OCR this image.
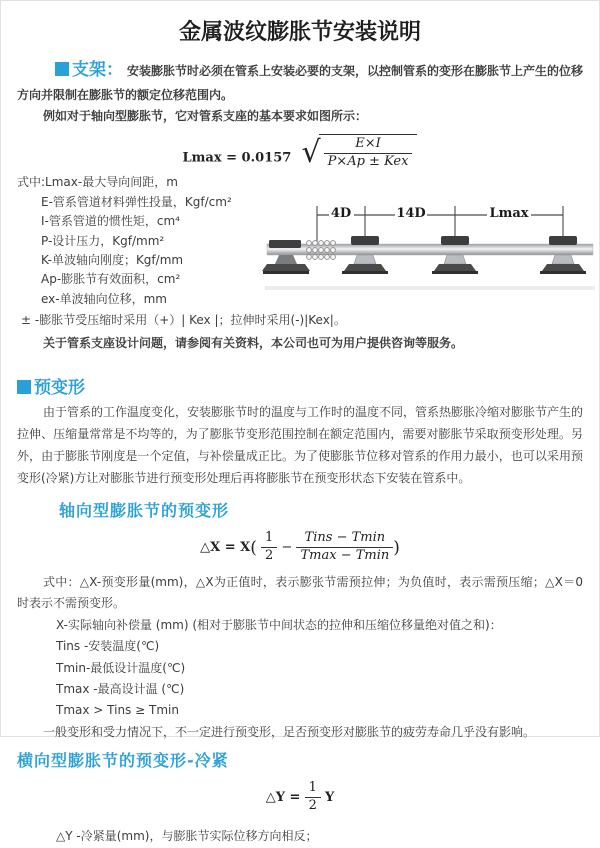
金属波纹膨胀节安装说明

支架： 安装膨胀节时必须在管系上安装必要的支架，以控制管系的变形在膨胀节上产生的位移方向并限制在膨胀节的额定位移范围内。

例如对于轴向型膨胀节，它对管系支座的基本要求如图所示：

Lmax = 0.0157 √ $\frac{E\times I}{\text{P×Ap ± Kex}}$
式中:Lmax-最大导向间距，m
E-管系管道材料弹性投量，Kgf/cm²
I-管系管道的惯性矩，cm⁴
P-设计压力，Kgf/mm²
K-单波轴向刚度；Kgf/mm
Ap-膨胀节有效面积，cm²
ex-单波轴向位移，mm
4D	14D	Lmax
± -膨胀节受压缩时采用（+）| Kex |；拉伸时采用(-)|Kex|。
关于管系支座设计问题，请参阅有关资料，本公司也可为用户提供咨询等服务。
预变形

由于管系的工作温度变化，安装膨胀节时的温度与工作时的温度不同，管系热膨胀冷缩对膨胀节产生的拉伸、压缩量常常是不均等的，为了膨胀节变形范围控制在额定范围内，需要对膨胀节采取预变形处理。另外，由于膨胀节刚度是一个定值，与补偿量成正比。为了使膨胀节位移对管系的作用力最小，也可以采用预变形(冷紧)方让对膨胀节进行预变形处理后再将膨胀节在预变形状态下安装在管系中。

轴向型膨胀节的预变形
△X = $X( \frac{1}{2} - \frac{\text{Tins − Tmin}}{Tmax - Tmin}$ )

式中：△X-预变形量(mm)，△X为正值时，表示膨张节需预拉伸；为负值时，表示需预压缩；△X＝0时表示不需预变形。

X-实际轴向补偿量 (mm) (相对于膨胀节中间状态的拉伸和压缩位移量绝对值之和)：
Tins -安装温度(℃)
Tmin-最低设计温度(℃)
Tmax -最高设计温 (℃)
Tmax > Tins ≥ Tmin

一般变形和受力情况下，不一定进行预变形，足否预变形对膨胀节的疲劳寿命几乎没有影响。

横向型膨胀节的预变形-冷紧
△Y = $\frac{1}{2}$ Y
△Y -冷紧量(mm)，与膨胀节实际位移方向相反；
